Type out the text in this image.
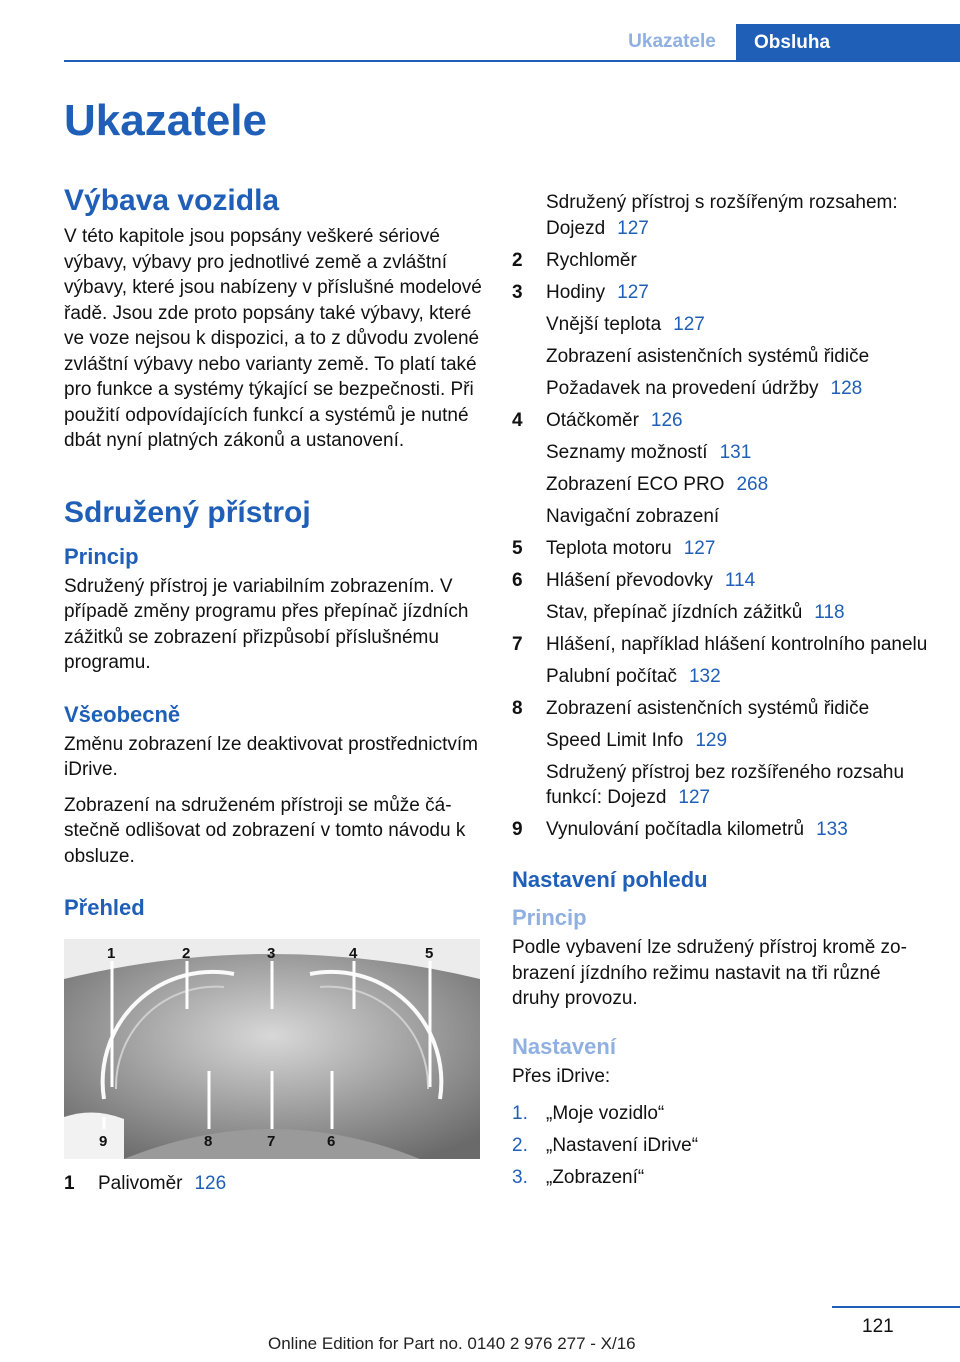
Ukazatele	Obsluha
Ukazatele
Výbava vozidla

V této kapitole jsou popsány veškeré sériové výbavy, výbavy pro jednotlivé země a zvláštní výbavy, které jsou nabízeny v příslušné modelové řadě. Jsou zde proto popsány také výbavy, které ve voze nejsou k dispozici, a to z důvodu zvolené zvláštní výbavy nebo varianty země. To platí také pro funkce a systémy týkající se bezpečnosti. Při použití odpovídajících funkcí a systémů je nutné dbát nyní platných zákonů a ustanovení.

Sdružený přístroj
Princip

Sdružený přístroj je variabilním zobrazením. V případě změny programu přes přepínač jízdních zážitků se zobrazení přizpůsobí příslušnému programu.

Všeobecně

Změnu zobrazení lze deaktivovat prostřednictvím iDrive.

Zobrazení na sdruženém přístroji se může částečně odlišovat od zobrazení v tomto návodu k obsluze.

Přehled
1	2	3	4	5
9	8	7	6
1	Palivoměr 126
Sdružený přístroj s rozšířeným rozsahem: Dojezd 127
2	Rychloměr
3	Hodiny 127
Vnější teplota 127
Zobrazení asistenčních systémů řidiče
Požadavek na provedení údržby 128
4	Otáčkoměr 126
Seznamy možností 131
Zobrazení ECO PRO 268
Navigační zobrazení
5	Teplota motoru 127
6	Hlášení převodovky 114
Stav, přepínač jízdních zážitků 118
7	Hlášení, například hlášení kontrolního panelu
Palubní počítač 132
8	Zobrazení asistenčních systémů řidiče
Speed Limit Info 129
Sdružený přístroj bez rozšířeného rozsahu funkcí: Dojezd 127
9	Vynulování počítadla kilometrů 133
Nastavení pohledu
Princip

Podle vybavení lze sdružený přístroj kromě zobrazení jízdního režimu nastavit na tři různé druhy provozu.

Nastavení

Přes iDrive:

1. „Moje vozidlo“
2. „Nastavení iDrive“
3. „Zobrazení“
121
Online Edition for Part no. 0140 2 976 277 - X/16
